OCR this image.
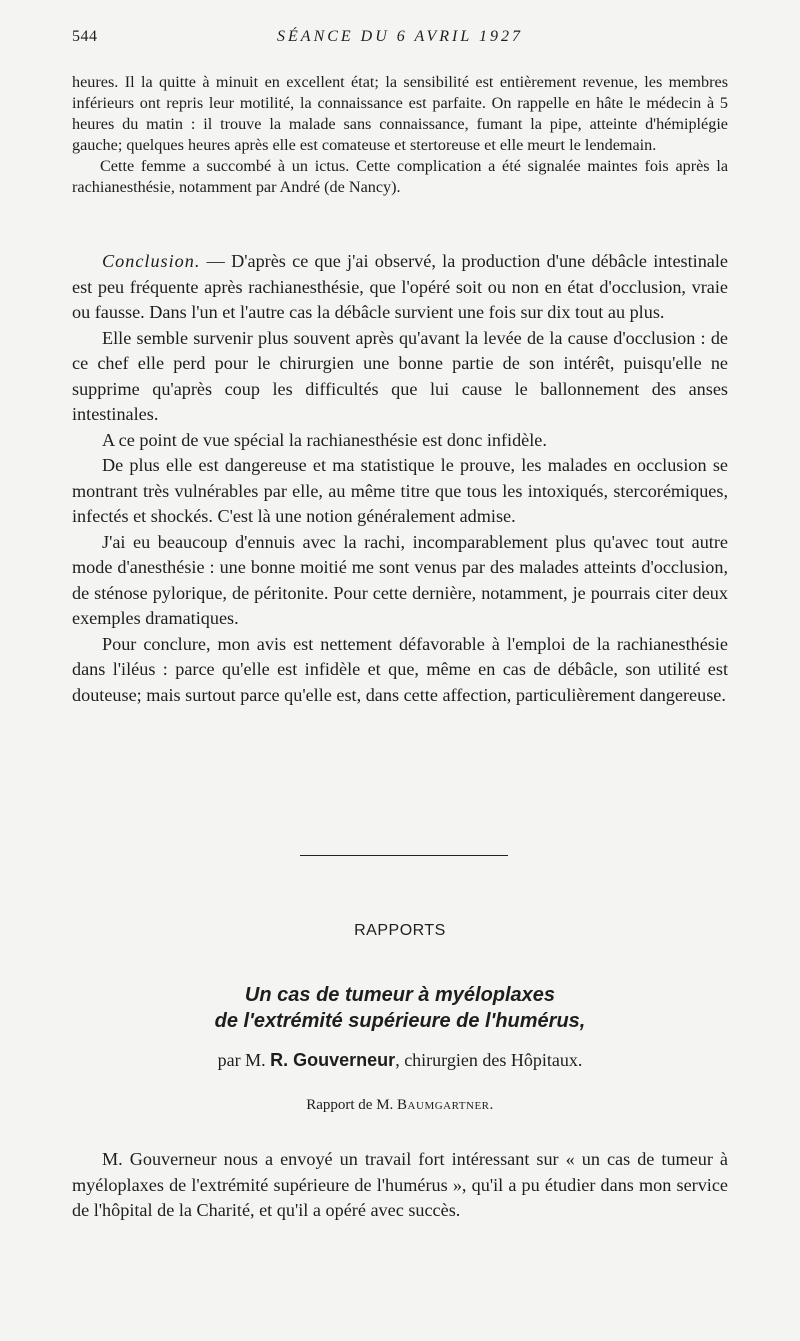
544	SÉANCE DU 6 AVRIL 1927

heures. Il la quitte à minuit en excellent état; la sensibilité est entièrement revenue, les membres inférieurs ont repris leur motilité, la connaissance est parfaite. On rappelle en hâte le médecin à 5 heures du matin : il trouve la malade sans connaissance, fumant la pipe, atteinte d'hémiplégie gauche; quelques heures après elle est comateuse et stertoreuse et elle meurt le lendemain.

Cette femme a succombé à un ictus. Cette complication a été signalée maintes fois après la rachianesthésie, notamment par André (de Nancy).

Conclusion. — D'après ce que j'ai observé, la production d'une débâcle intestinale est peu fréquente après rachianesthésie, que l'opéré soit ou non en état d'occlusion, vraie ou fausse. Dans l'un et l'autre cas la débâcle survient une fois sur dix tout au plus.

Elle semble survenir plus souvent après qu'avant la levée de la cause d'occlusion : de ce chef elle perd pour le chirurgien une bonne partie de son intérêt, puisqu'elle ne supprime qu'après coup les difficultés que lui cause le ballonnement des anses intestinales.

A ce point de vue spécial la rachianesthésie est donc infidèle.

De plus elle est dangereuse et ma statistique le prouve, les malades en occlusion se montrant très vulnérables par elle, au même titre que tous les intoxiqués, stercorémiques, infectés et shockés. C'est là une notion généralement admise.

J'ai eu beaucoup d'ennuis avec la rachi, incomparablement plus qu'avec tout autre mode d'anesthésie : une bonne moitié me sont venus par des malades atteints d'occlusion, de sténose pylorique, de péritonite. Pour cette dernière, notamment, je pourrais citer deux exemples dramatiques.

Pour conclure, mon avis est nettement défavorable à l'emploi de la rachianesthésie dans l'iléus : parce qu'elle est infidèle et que, même en cas de débâcle, son utilité est douteuse; mais surtout parce qu'elle est, dans cette affection, particulièrement dangereuse.

RAPPORTS
Un cas de tumeur à myéloplaxes
de l'extrémité supérieure de l'humérus,
par M. R. Gouverneur, chirurgien des Hôpitaux.
Rapport de M. Baumgartner.

M. Gouverneur nous a envoyé un travail fort intéressant sur « un cas de tumeur à myéloplaxes de l'extrémité supérieure de l'humérus », qu'il a pu étudier dans mon service de l'hôpital de la Charité, et qu'il a opéré avec succès.
